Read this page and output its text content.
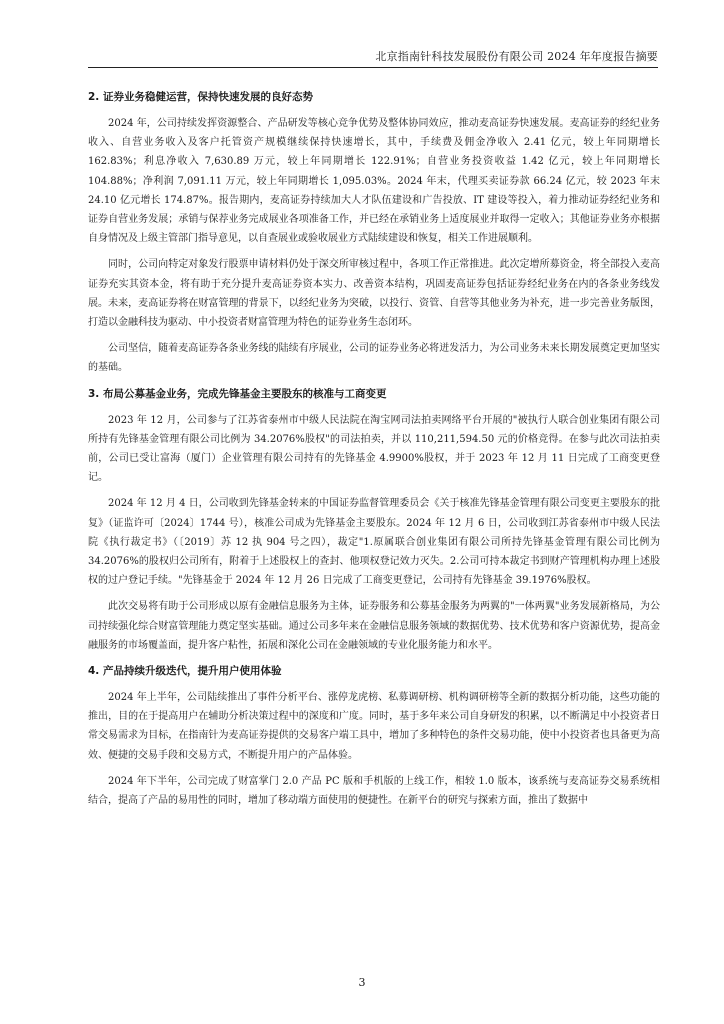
北京指南针科技发展股份有限公司 2024 年年度报告摘要
2. 证券业务稳健运营，保持快速发展的良好态势

2024 年，公司持续发挥资源整合、产品研发等核心竞争优势及整体协同效应，推动麦高证券快速发展。麦高证券的经纪业务收入、自营业务收入及客户托管资产规模继续保持快速增长，其中，手续费及佣金净收入 2.41 亿元，较上年同期增长 162.83%；利息净收入 7,630.89 万元，较上年同期增长 122.91%；自营业务投资收益 1.42 亿元，较上年同期增长 104.88%；净利润 7,091.11 万元，较上年同期增长 1,095.03%。2024 年末，代理买卖证券款 66.24 亿元，较 2023 年末 24.10 亿元增长 174.87%。报告期内，麦高证券持续加大人才队伍建设和广告投放、IT 建设等投入，着力推动证券经纪业务和证券自营业务发展；承销与保荐业务完成展业各项准备工作，并已经在承销业务上适度展业并取得一定收入；其他证券业务亦根据自身情况及上级主管部门指导意见，以自查展业或验收展业方式陆续建设和恢复，相关工作进展顺利。

同时，公司向特定对象发行股票申请材料仍处于深交所审核过程中，各项工作正常推进。此次定增所募资金，将全部投入麦高证券充实其资本金，将有助于充分提升麦高证券资本实力、改善资本结构，巩固麦高证券包括证券经纪业务在内的各条业务线发展。未来，麦高证券将在财富管理的背景下，以经纪业务为突破，以投行、资管、自营等其他业务为补充，进一步完善业务版图，打造以金融科技为驱动、中小投资者财富管理为特色的证券业务生态闭环。

公司坚信，随着麦高证券各条业务线的陆续有序展业，公司的证券业务必将迸发活力，为公司业务未来长期发展奠定更加坚实的基础。

3. 布局公募基金业务，完成先锋基金主要股东的核准与工商变更

2023 年 12 月，公司参与了江苏省泰州市中级人民法院在淘宝网司法拍卖网络平台开展的"被执行人联合创业集团有限公司所持有先锋基金管理有限公司比例为 34.2076%股权"的司法拍卖，并以 110,211,594.50 元的价格竞得。在参与此次司法拍卖前，公司已受让富海（厦门）企业管理有限公司持有的先锋基金 4.9900%股权，并于 2023 年 12 月 11 日完成了工商变更登记。

2024 年 12 月 4 日，公司收到先锋基金转来的中国证券监督管理委员会《关于核准先锋基金管理有限公司变更主要股东的批复》（证监许可〔2024〕1744 号），核准公司成为先锋基金主要股东。2024 年 12 月 6 日，公司收到江苏省泰州市中级人民法院《执行裁定书》（〔2019〕苏 12 执 904 号之四），裁定"1.原属联合创业集团有限公司所持先锋基金管理有限公司比例为 34.2076%的股权归公司所有，附着于上述股权上的查封、他项权登记效力灭失。2.公司可持本裁定书到财产管理机构办理上述股权的过户登记手续。"先锋基金于 2024 年 12 月 26 日完成了工商变更登记，公司持有先锋基金 39.1976%股权。

此次交易将有助于公司形成以原有金融信息服务为主体，证券服务和公募基金服务为两翼的"一体两翼"业务发展新格局，为公司持续强化综合财富管理能力奠定坚实基础。通过公司多年来在金融信息服务领域的数据优势、技术优势和客户资源优势，提高金融服务的市场覆盖面，提升客户粘性，拓展和深化公司在金融领域的专业化服务能力和水平。

4. 产品持续升级迭代，提升用户使用体验

2024 年上半年，公司陆续推出了事件分析平台、涨停龙虎榜、私募调研榜、机构调研榜等全新的数据分析功能，这些功能的推出，目的在于提高用户在辅助分析决策过程中的深度和广度。同时，基于多年来公司自身研发的积累，以不断满足中小投资者日常交易需求为目标，在指南针为麦高证券提供的交易客户端工具中，增加了多种特色的条件交易功能，使中小投资者也具备更为高效、便捷的交易手段和交易方式，不断提升用户的产品体验。

2024 年下半年，公司完成了财富掌门 2.0 产品 PC 版和手机版的上线工作，相较 1.0 版本，该系统与麦高证券交易系统相结合，提高了产品的易用性的同时，增加了移动端方面使用的便捷性。在新平台的研究与探索方面，推出了数据中

3
